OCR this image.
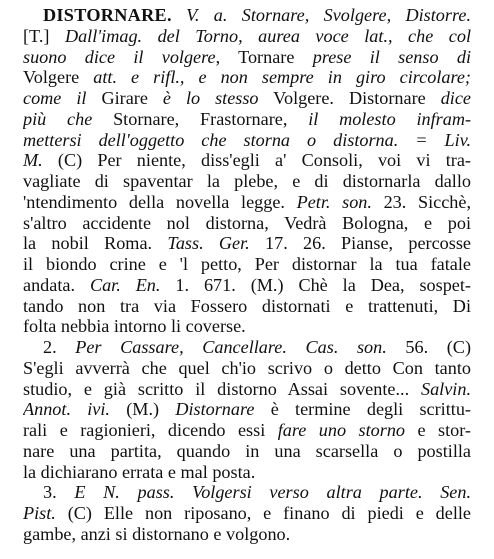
DISTORNARE. V. a. Stornare, Svolgere, Distorre.
[T.] Dall'imag. del Torno, aurea voce lat., che col
suono dice il volgere, Tornare prese il senso di
Volgere att. e rifl., e non sempre in giro circolare;
come il Girare è lo stesso Volgere. Distornare dice
più che Stornare, Frastornare, il molesto infram-
mettersi dell'oggetto che storna o distorna. = Liv.
M. (C) Per niente, diss'egli a' Consoli, voi vi tra-
vagliate di spaventar la plebe, e di distornarla dallo
'ntendimento della novella legge. Petr. son. 23. Sicchè,
s'altro accidente nol distorna, Vedrà Bologna, e poi
la nobil Roma. Tass. Ger. 17. 26. Pianse, percosse
il biondo crine e 'l petto, Per distornar la tua fatale
andata. Car. En. 1. 671. (M.) Chè la Dea, sospet-
tando non tra via Fossero distornati e trattenuti, Di
folta nebbia intorno li coverse.
2. Per Cassare, Cancellare. Cas. son. 56. (C)
S'egli avverrà che quel ch'io scrivo o detto Con tanto
studio, e già scritto il distorno Assai sovente... Salvin.
Annot. ivi. (M.) Distornare è termine degli scrittu-
rali e ragionieri, dicendo essi fare uno storno e stor-
nare una partita, quando in una scarsella o postilla
la dichiarano errata e mal posta.
3. E N. pass. Volgersi verso altra parte. Sen.
Pist. (C) Elle non riposano, e finano di piedi e delle
gambe, anzi si distornano e volgono.
